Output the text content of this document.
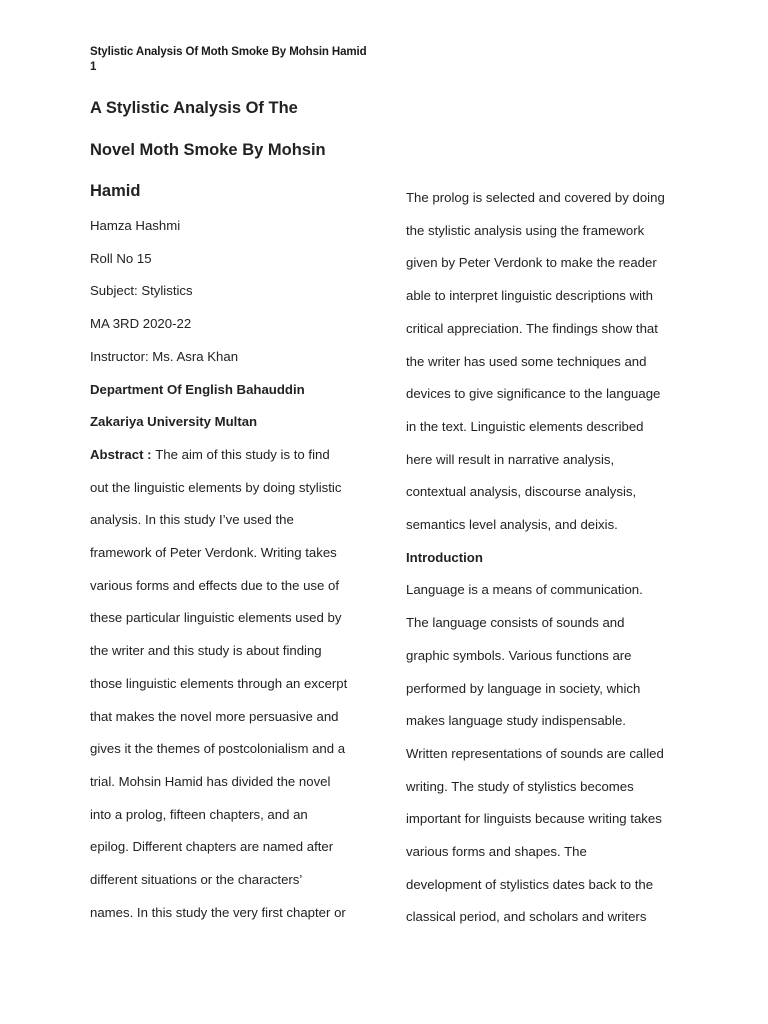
Stylistic Analysis Of Moth Smoke By Mohsin Hamid
1
A Stylistic Analysis Of The
Novel Moth Smoke By Mohsin
Hamid
Hamza Hashmi
Roll No 15
Subject: Stylistics
MA 3RD 2020-22
Instructor: Ms. Asra Khan
Department Of English Bahauddin
Zakariya University Multan
Abstract : The aim of this study is to find
out the linguistic elements by doing stylistic
analysis. In this study I’ve used the
framework of Peter Verdonk. Writing takes
various forms and effects due to the use of
these particular linguistic elements used by
the writer and this study is about finding
those linguistic elements through an excerpt
that makes the novel more persuasive and
gives it the themes of postcolonialism and a
trial. Mohsin Hamid has divided the novel
into a prolog, fifteen chapters, and an
epilog. Different chapters are named after
different situations or the characters’
names. In this study the very first chapter or
The prolog is selected and covered by doing
the stylistic analysis using the framework
given by Peter Verdonk to make the reader
able to interpret linguistic descriptions with
critical appreciation. The findings show that
the writer has used some techniques and
devices to give significance to the language
in the text. Linguistic elements described
here will result in narrative analysis,
contextual analysis, discourse analysis,
semantics level analysis, and deixis.
Introduction
Language is a means of communication.
The language consists of sounds and
graphic symbols. Various functions are
performed by language in society, which
makes language study indispensable.
Written representations of sounds are called
writing. The study of stylistics becomes
important for linguists because writing takes
various forms and shapes. The
development of stylistics dates back to the
classical period, and scholars and writers
